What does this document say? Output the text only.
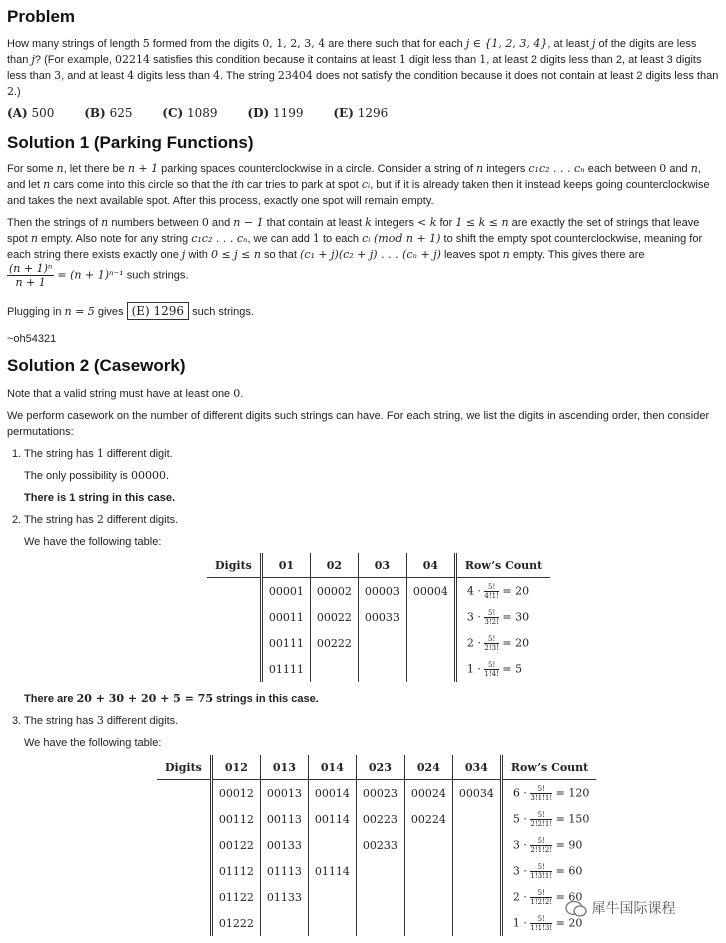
Problem

How many strings of length 5 formed from the digits 0, 1, 2, 3, 4 are there such that for each j ∈ {1, 2, 3, 4}, at least j of the digits are less than j? (For example, 02214 satisfies this condition because it contains at least 1 digit less than 1, at least 2 digits less than 2, at least 3 digits less than 3, and at least 4 digits less than 4. The string 23404 does not satisfy the condition because it does not contain at least 2 digits less than 2.)

(A) 500 (B) 625 (C) 1089 (D) 1199 (E) 1296
Solution 1 (Parking Functions)

For some n, let there be n + 1 parking spaces counterclockwise in a circle. Consider a string of n integers c₁c₂ . . . cₙ each between 0 and n, and let n cars come into this circle so that the ith car tries to park at spot cᵢ, but if it is already taken then it instead keeps going counterclockwise and takes the next available spot. After this process, exactly one spot will remain empty.

Then the strings of n numbers between 0 and n − 1 that contain at least k integers < k for 1 ≤ k ≤ n are exactly the set of strings that leave spot n empty. Also note for any string c₁c₂ . . . cₙ, we can add 1 to each cᵢ (mod n + 1) to shift the empty spot counterclockwise, meaning for each string there exists exactly one j with 0 ≤ j ≤ n so that (c₁ + j)(c₂ + j) . . . (cₙ + j) leaves spot n empty. This gives there are

$\frac{\text{(n + 1)ⁿ}}{n + 1} = (n + 1)^{n-1}$ such strings.

Plugging in n = 5 gives (E) 1296 such strings.

~oh54321

Solution 2 (Casework)

Note that a valid string must have at least one 0.

We perform casework on the number of different digits such strings can have. For each string, we list the digits in ascending order, then consider permutations:

1. The string has 1 different digit.
The only possibility is 00000.
There is 1 string in this case.
2. The string has 2 different digits.
We have the following table:
Digits	01	02	03	04	Row’s Count
	00001	00002	00003	00004	$4 \cdot \frac{5!}{4!1!} = 20$
	00011	00022	00033		$3 \cdot \frac{5!}{3!2!} = 30$
	00111	00222			$2 \cdot \frac{5!}{2!3!} = 20$
	01111				$1 \cdot \frac{5!}{1!4!} = 5$
There are 20 + 30 + 20 + 5 = 75 strings in this case.
3. The string has 3 different digits.
We have the following table:
Digits	012	013	014	023	024	034	Row’s Count
	00012	00013	00014	00023	00024	00034	$6 \cdot \frac{5!}{3!1!1!} = 120$
	00112	00113	00114	00223	00224		$5 \cdot \frac{5!}{2!2!1!} = 150$
	00122	00133		00233			$3 \cdot \frac{5!}{2!1!2!} = 90$
	01112	01113	01114				$3 \cdot \frac{5!}{1!3!1!} = 60$
	01122	01133					$2 \cdot \frac{5!}{1!2!2!} = 60$
	01222						$1 \cdot \frac{5!}{1!1!3!} = 20$
犀牛国际课程
